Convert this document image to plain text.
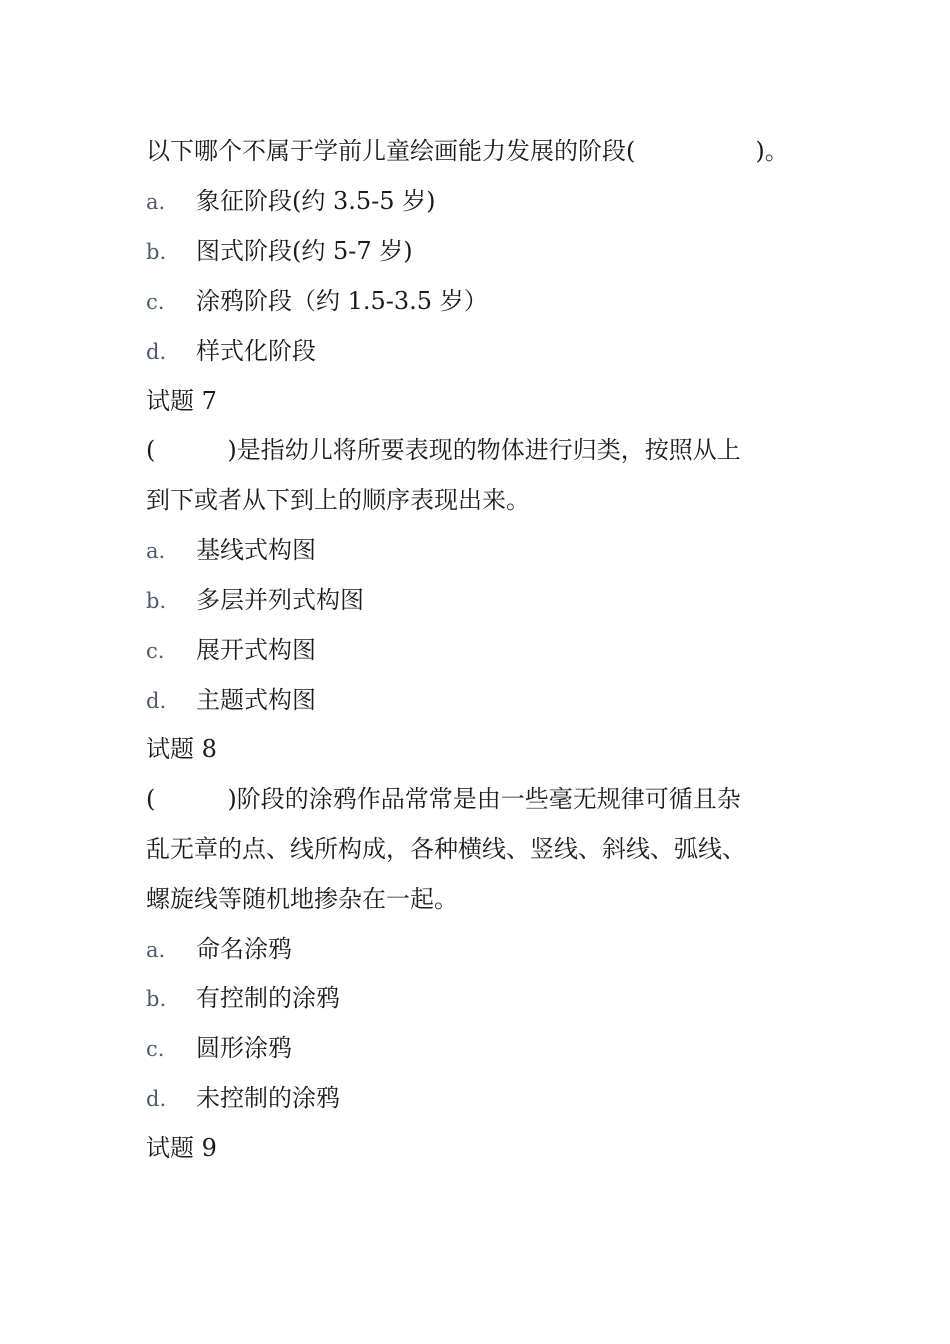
以下哪个不属于学前儿童绘画能力发展的阶段(　　　　　)。
a. 象征阶段(约 3.5-5 岁)
b. 图式阶段(约 5-7 岁)
c. 涂鸦阶段（约 1.5-3.5 岁）
d. 样式化阶段
试题 7
(　　　)是指幼儿将所要表现的物体进行归类，按照从上
到下或者从下到上的顺序表现出来。
a. 基线式构图
b. 多层并列式构图
c. 展开式构图
d. 主题式构图
试题 8
(　　　)阶段的涂鸦作品常常是由一些毫无规律可循且杂
乱无章的点、线所构成，各种横线、竖线、斜线、弧线、
螺旋线等随机地掺杂在一起。
a. 命名涂鸦
b. 有控制的涂鸦
c. 圆形涂鸦
d. 未控制的涂鸦
试题 9
